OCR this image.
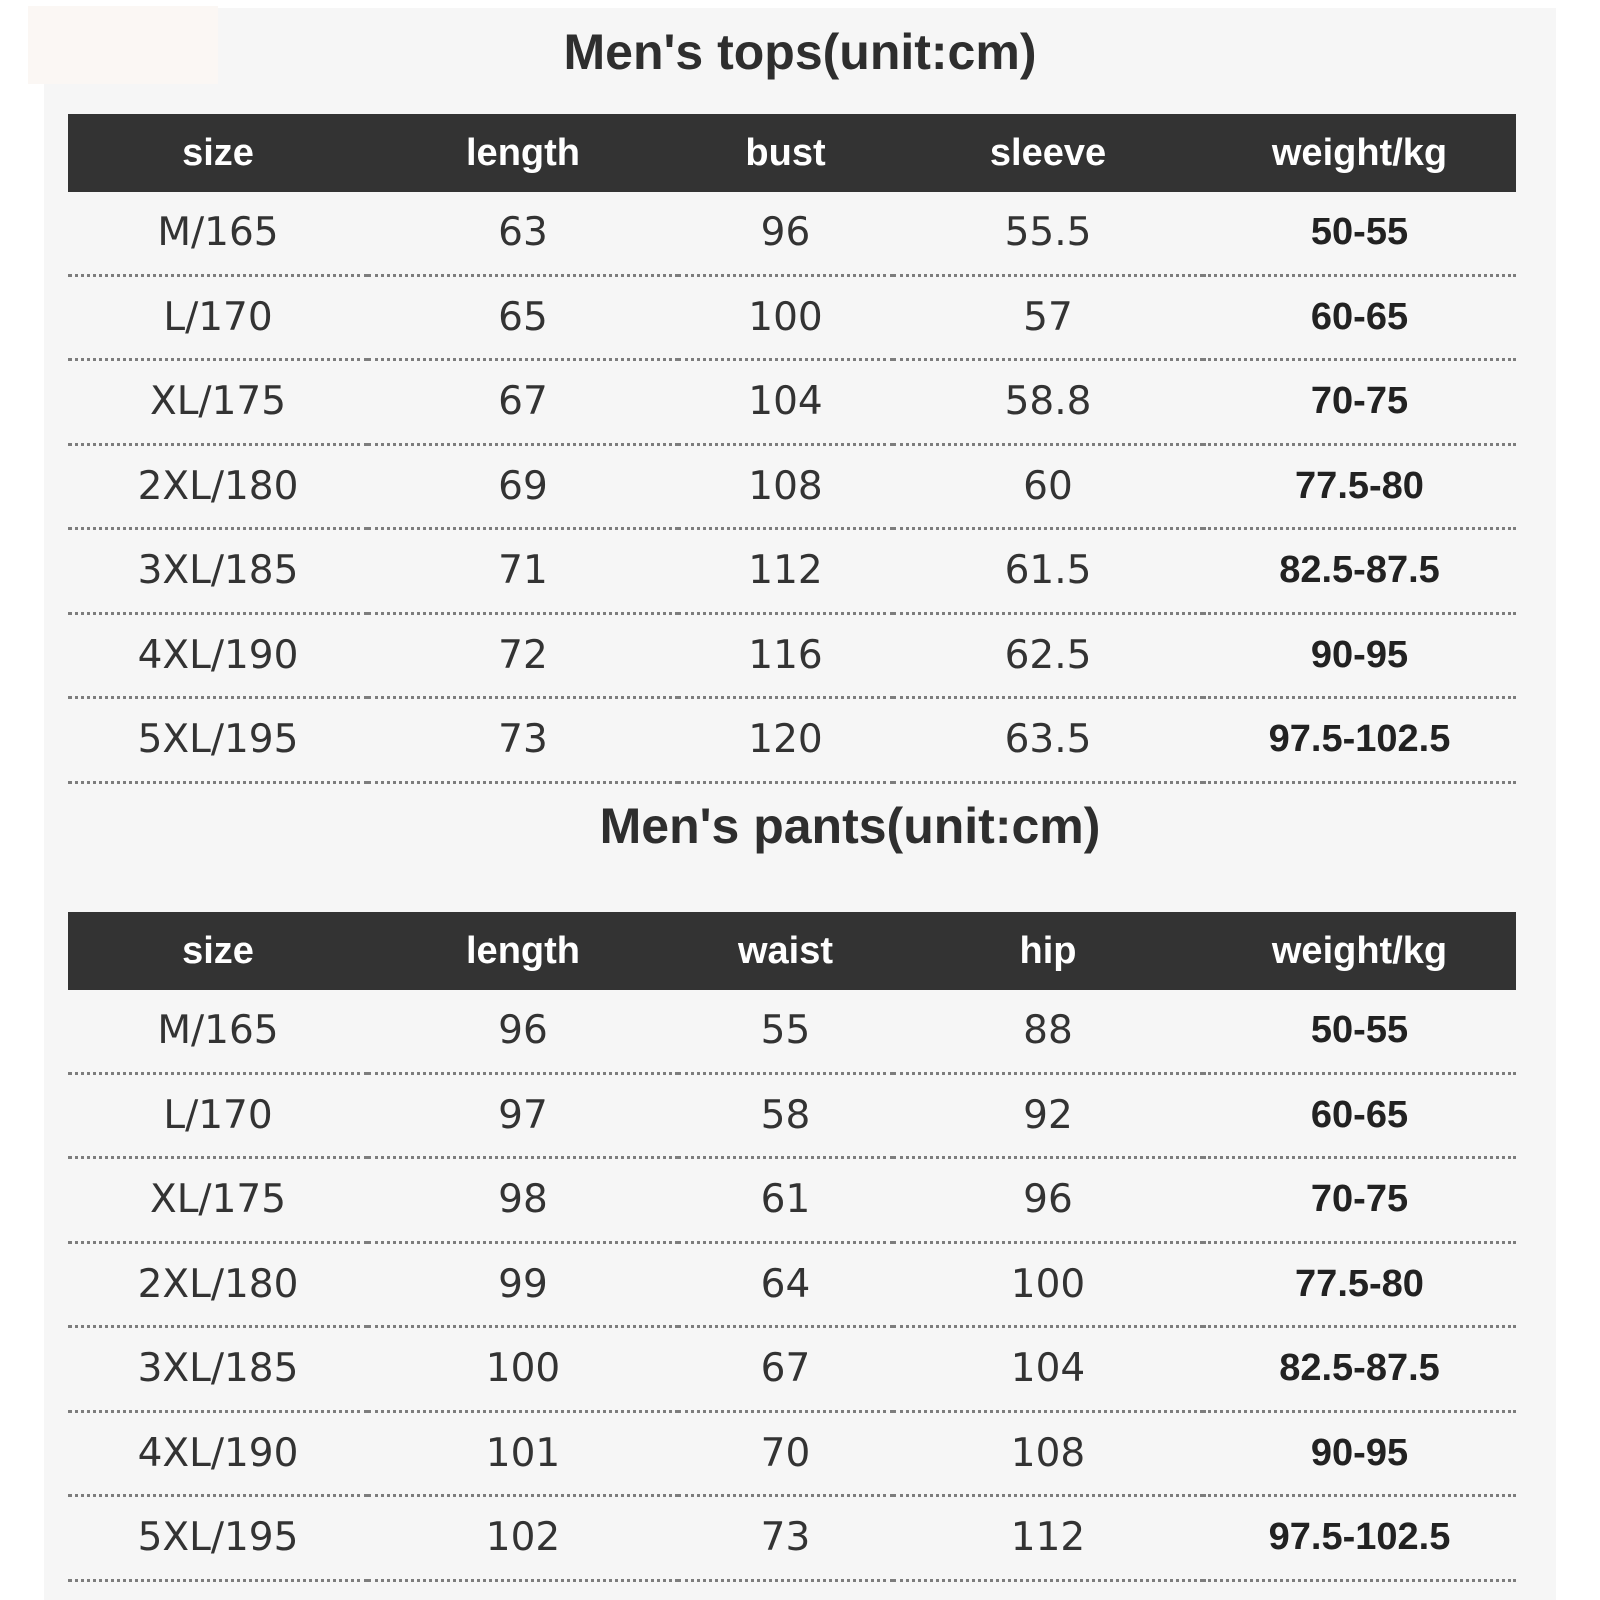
Men's tops(unit:cm)
size	length	bust	sleeve	weight/kg
M/165	63	96	55.5	50-55
L/170	65	100	57	60-65
XL/175	67	104	58.8	70-75
2XL/180	69	108	60	77.5-80
3XL/185	71	112	61.5	82.5-87.5
4XL/190	72	116	62.5	90-95
5XL/195	73	120	63.5	97.5-102.5
Men's pants(unit:cm)
size	length	waist	hip	weight/kg
M/165	96	55	88	50-55
L/170	97	58	92	60-65
XL/175	98	61	96	70-75
2XL/180	99	64	100	77.5-80
3XL/185	100	67	104	82.5-87.5
4XL/190	101	70	108	90-95
5XL/195	102	73	112	97.5-102.5
